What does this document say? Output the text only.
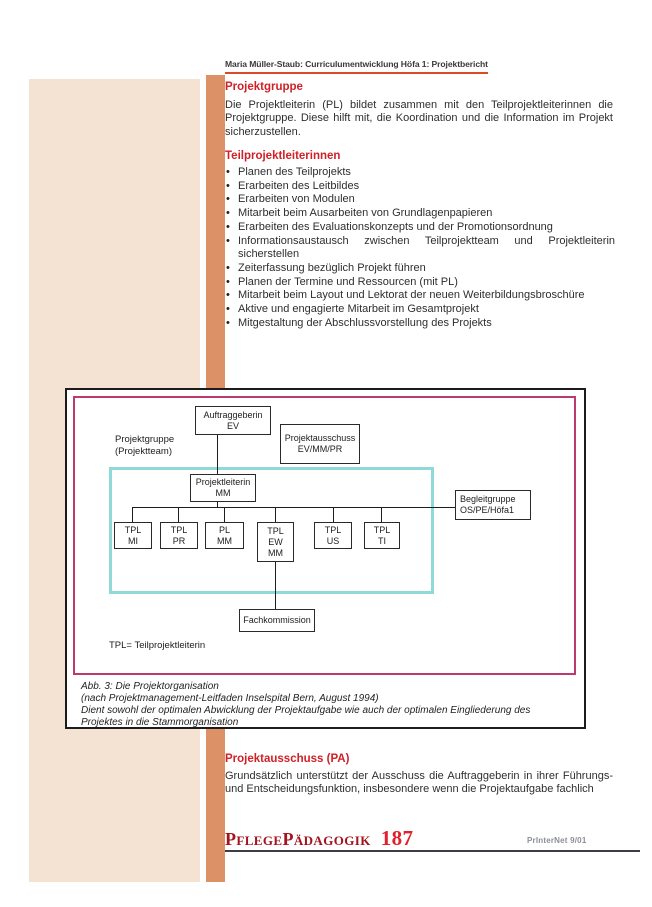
Maria Müller-Staub: Curriculumentwicklung Höfa 1: Projektbericht
Projektgruppe
Die Projektleiterin (PL) bildet zusammen mit den Teilprojektleiterinnen die Projektgruppe. Diese hilft mit, die Koordination und die Information im Projekt sicherzustellen.
Teilprojektleiterinnen
• Planen des Teilprojekts
• Erarbeiten des Leitbildes
• Erarbeiten von Modulen
• Mitarbeit beim Ausarbeiten von Grundlagenpapieren
• Erarbeiten des Evaluationskonzepts und der Promotionsordnung
• Informationsaustausch zwischen Teilprojektteam und Projektleiterin sicherstellen
• Zeiterfassung bezüglich Projekt führen
• Planen der Termine und Ressourcen (mit PL)
• Mitarbeit beim Layout und Lektorat der neuen Weiterbildungsbroschüre
• Aktive und engagierte Mitarbeit im Gesamtprojekt
• Mitgestaltung der Abschlussvorstellung des Projekts
Projektgruppe
(Projektteam)
Auftraggeberin
EV
Projektausschuss
EV/MM/PR
Projektleiterin
MM
Begleitgruppe
OS/PE/Höfa1
TPL
MI
TPL
PR
PL
MM
TPL
EW
MM
TPL
US
TPL
TI
Fachkommission
TPL= Teilprojektleiterin
Abb. 3: Die Projektorganisation
(nach Projektmanagement-Leitfaden Inselspital Bern, August 1994)
Dient sowohl der optimalen Abwicklung der Projektaufgabe wie auch der optimalen Eingliederung des
Projektes in die Stammorganisation
Projektausschuss (PA)
Grundsätzlich unterstützt der Ausschuss die Auftraggeberin in ihrer Führungs- und Entscheidungsfunktion, insbesondere wenn die Projektaufgabe fachlich
PflegePädagogik 187	PrInterNet 9/01
